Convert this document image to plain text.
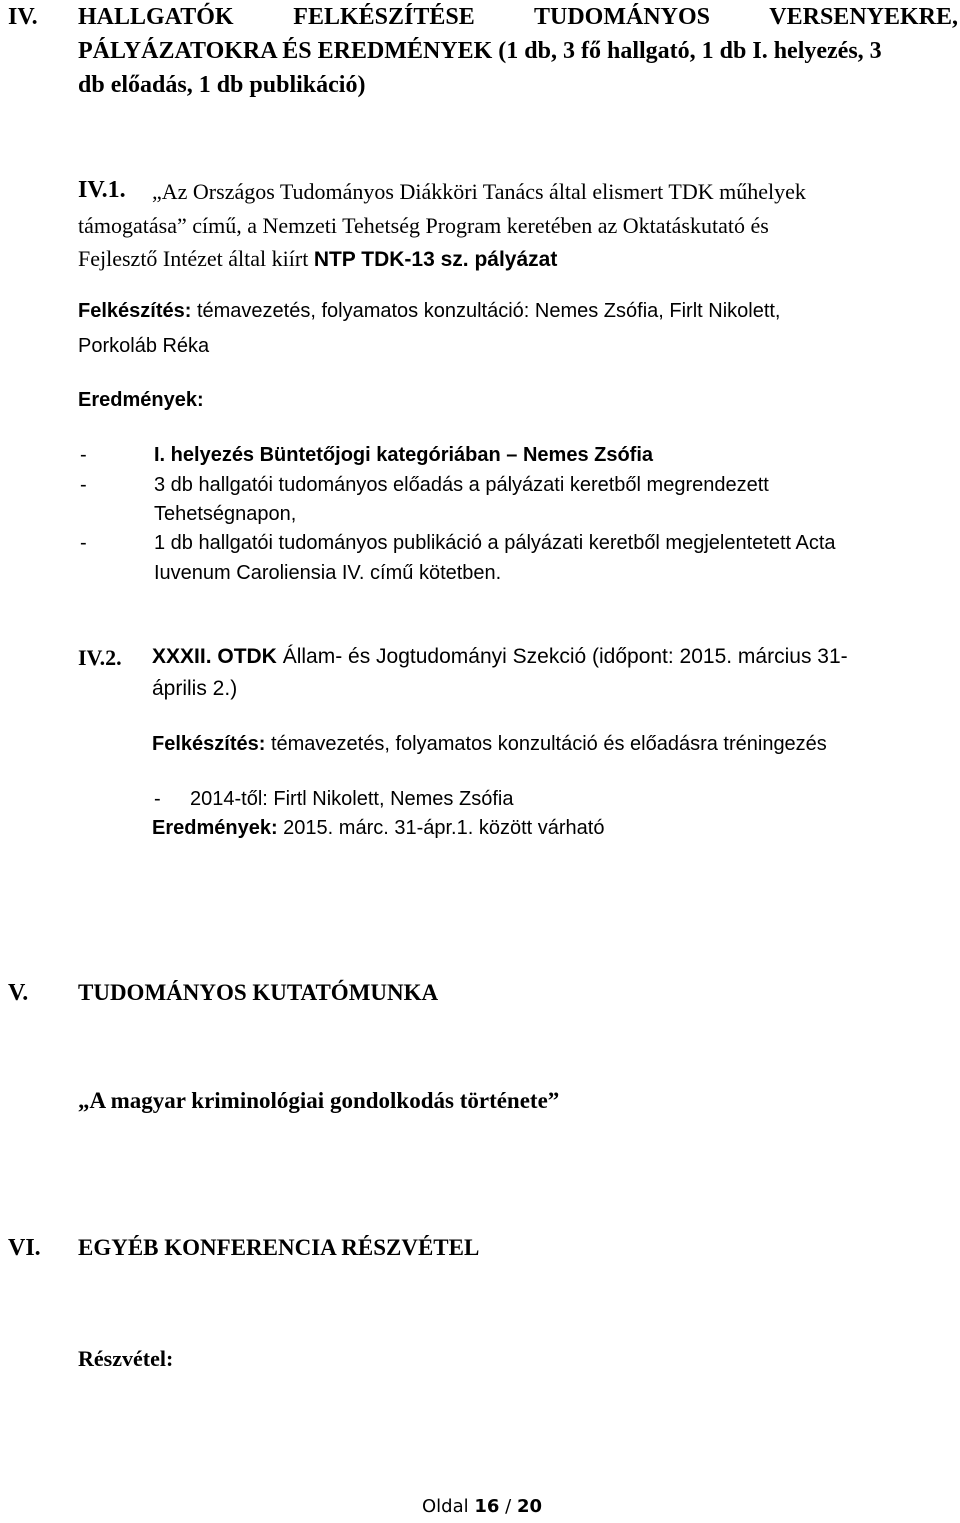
IV. HALLGATÓK FELKÉSZÍTÉSE TUDOMÁNYOS VERSENYEKRE,
PÁLYÁZATOKRA ÉS EREDMÉNYEK (1 db, 3 fő hallgató, 1 db I. helyezés, 3
db előadás, 1 db publikáció)
IV.1. „Az Országos Tudományos Diákköri Tanács által elismert TDK műhelyek
támogatása” című, a Nemzeti Tehetség Program keretében az Oktatáskutató és
Fejlesztő Intézet által kiírt NTP TDK-13 sz. pályázat
Felkészítés: témavezetés, folyamatos konzultáció: Nemes Zsófia, Firlt Nikolett,
Porkoláb Réka
Eredmények:
-	I. helyezés Büntetőjogi kategóriában – Nemes Zsófia
-	3 db hallgatói tudományos előadás a pályázati keretből megrendezett
Tehetségnapon,
-	1 db hallgatói tudományos publikáció a pályázati keretből megjelentetett Acta
Iuvenum Caroliensia IV. című kötetben.
IV.2. XXXII. OTDK Állam- és Jogtudományi Szekció (időpont: 2015. március 31-
április 2.)
Felkészítés: témavezetés, folyamatos konzultáció és előadásra tréningezés
- 2014-től: Firtl Nikolett, Nemes Zsófia
Eredmények: 2015. márc. 31-ápr.1. között várható
V. TUDOMÁNYOS KUTATÓMUNKA
„A magyar kriminológiai gondolkodás története”
VI. EGYÉB KONFERENCIA RÉSZVÉTEL
Részvétel:
Oldal 16 / 20
